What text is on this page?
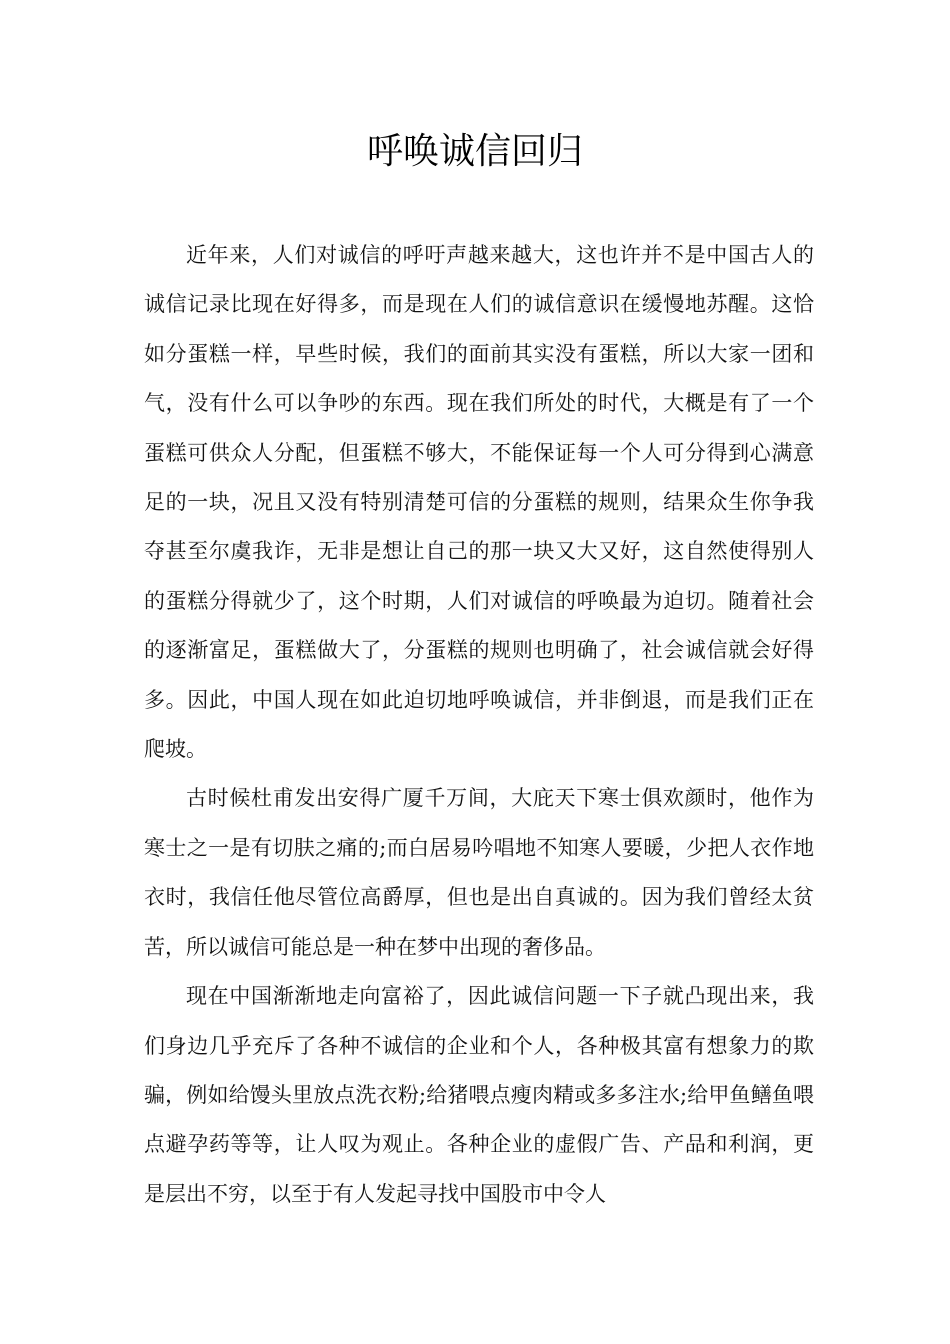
呼唤诚信回归

近年来，人们对诚信的呼吁声越来越大，这也许并不是中国古人的诚信记录比现在好得多，而是现在人们的诚信意识在缓慢地苏醒。这恰如分蛋糕一样，早些时候，我们的面前其实没有蛋糕，所以大家一团和气，没有什么可以争吵的东西。现在我们所处的时代，大概是有了一个蛋糕可供众人分配，但蛋糕不够大，不能保证每一个人可分得到心满意足的一块，况且又没有特别清楚可信的分蛋糕的规则，结果众生你争我夺甚至尔虞我诈，无非是想让自己的那一块又大又好，这自然使得别人的蛋糕分得就少了，这个时期，人们对诚信的呼唤最为迫切。随着社会的逐渐富足，蛋糕做大了，分蛋糕的规则也明确了，社会诚信就会好得多。因此，中国人现在如此迫切地呼唤诚信，并非倒退，而是我们正在爬坡。

古时候杜甫发出安得广厦千万间，大庇天下寒士俱欢颜时，他作为寒士之一是有切肤之痛的;而白居易吟唱地不知寒人要暖，少把人衣作地衣时，我信任他尽管位高爵厚，但也是出自真诚的。因为我们曾经太贫苦，所以诚信可能总是一种在梦中出现的奢侈品。

现在中国渐渐地走向富裕了，因此诚信问题一下子就凸现出来，我们身边几乎充斥了各种不诚信的企业和个人，各种极其富有想象力的欺骗，例如给馒头里放点洗衣粉;给猪喂点瘦肉精或多多注水;给甲鱼鳝鱼喂点避孕药等等，让人叹为观止。各种企业的虚假广告、产品和利润，更是层出不穷，以至于有人发起寻找中国股市中令人
